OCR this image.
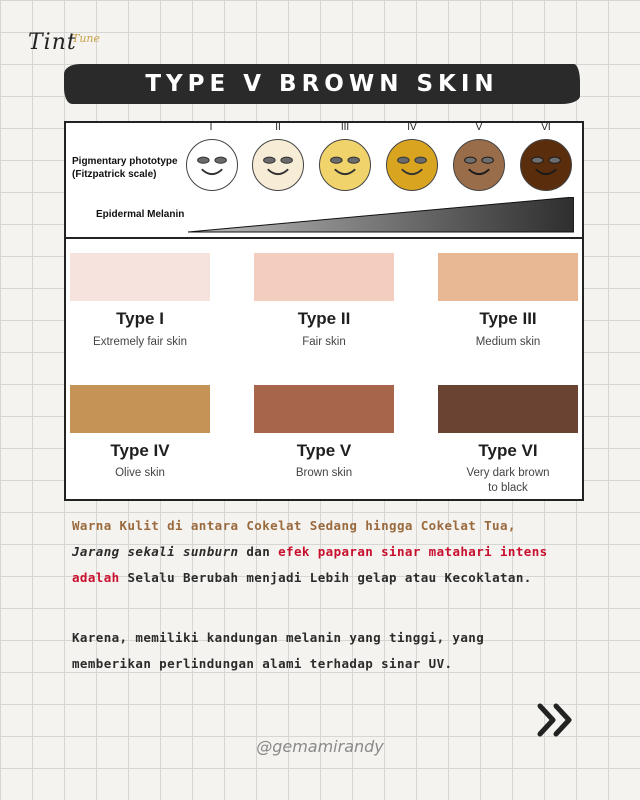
Tint
Tune
TYPE V BROWN SKIN
Pigmentary phototype
(Fitzpatrick scale)
Epidermal Melanin
I	II	III	IV	V	VI
Type I	Type II	Type III
Type IV	Type V	Type VI
Extremely fair skin	Fair skin	Medium skin
Olive skin	Brown skin	Very dark brown
to black
Warna Kulit di antara Cokelat Sedang hingga Cokelat Tua,
Jarang sekali sunburn dan efek paparan sinar matahari intens
adalah Selalu Berubah menjadi Lebih gelap atau Kecoklatan.
Karena, memiliki kandungan melanin yang tinggi, yang
memberikan perlindungan alami terhadap sinar UV.
@gemamirandy
